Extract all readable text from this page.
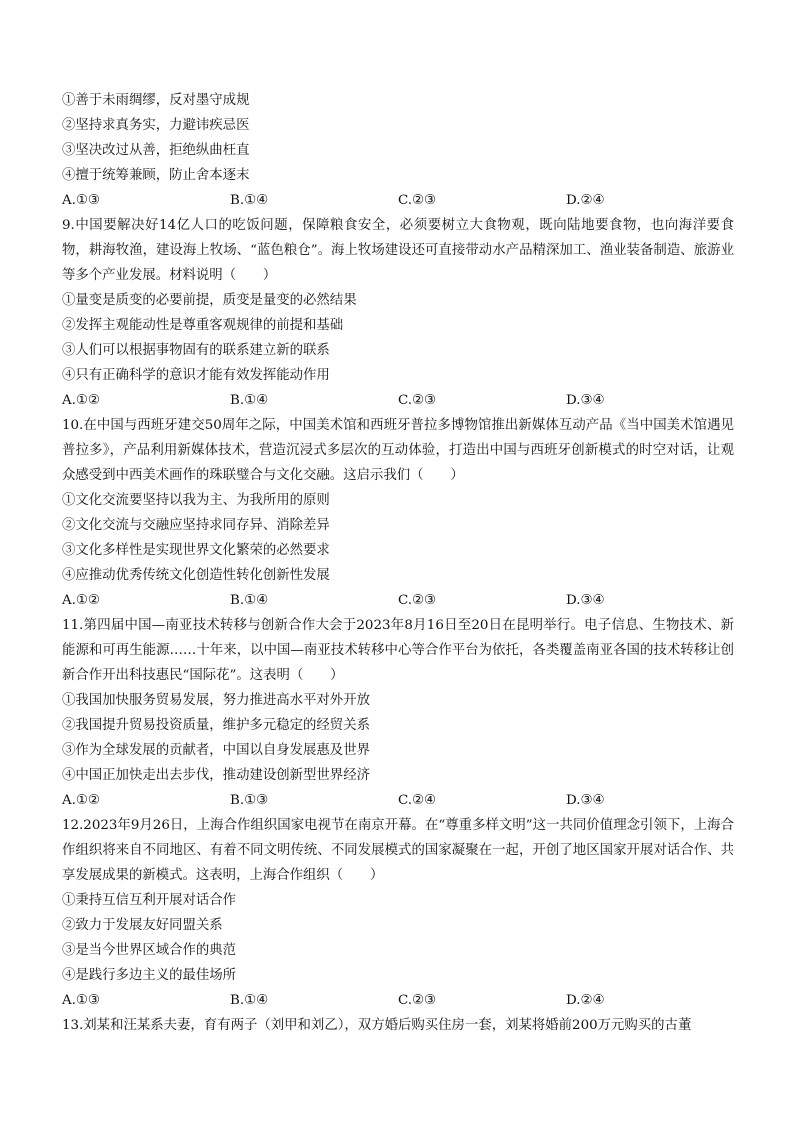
①善于未雨绸缪，反对墨守成规
②坚持求真务实，力避讳疾忌医
③坚决改过从善，拒绝纵曲枉直
④擅于统筹兼顾，防止舍本逐末
A.①③	B.①④	C.②③	D.②④
9.中国要解决好14亿人口的吃饭问题，保障粮食安全，必须要树立大食物观，既向陆地要食物，也向海洋要食物，耕海牧渔，建设海上牧场、“蓝色粮仓”。海上牧场建设还可直接带动水产品精深加工、渔业装备制造、旅游业等多个产业发展。材料说明（　　）
①量变是质变的必要前提，质变是量变的必然结果
②发挥主观能动性是尊重客观规律的前提和基础
③人们可以根据事物固有的联系建立新的联系
④只有正确科学的意识才能有效发挥能动作用
A.①②	B.①④	C.②③	D.③④
10.在中国与西班牙建交50周年之际，中国美术馆和西班牙普拉多博物馆推出新媒体互动产品《当中国美术馆遇见普拉多》，产品利用新媒体技术，营造沉浸式多层次的互动体验，打造出中国与西班牙创新模式的时空对话，让观众感受到中西美术画作的珠联璧合与文化交融。这启示我们（　　）
①文化交流要坚持以我为主、为我所用的原则
②文化交流与交融应坚持求同存异、消除差异
③文化多样性是实现世界文化繁荣的必然要求
④应推动优秀传统文化创造性转化创新性发展
A.①②	B.①④	C.②③	D.③④
11.第四届中国—南亚技术转移与创新合作大会于2023年8月16日至20日在昆明举行。电子信息、生物技术、新能源和可再生能源……十年来，以中国—南亚技术转移中心等合作平台为依托，各类覆盖南亚各国的技术转移让创新合作开出科技惠民“国际花”。这表明（　　）
①我国加快服务贸易发展，努力推进高水平对外开放
②我国提升贸易投资质量，维护多元稳定的经贸关系
③作为全球发展的贡献者，中国以自身发展惠及世界
④中国正加快走出去步伐，推动建设创新型世界经济
A.①②	B.①③	C.②④	D.③④
12.2023年9月26日，上海合作组织国家电视节在南京开幕。在“尊重多样文明”这一共同价值理念引领下，上海合作组织将来自不同地区、有着不同文明传统、不同发展模式的国家凝聚在一起，开创了地区国家开展对话合作、共享发展成果的新模式。这表明，上海合作组织（　　）
①秉持互信互利开展对话合作
②致力于发展友好同盟关系
③是当今世界区域合作的典范
④是践行多边主义的最佳场所
A.①③	B.①④	C.②③	D.②④
13.刘某和汪某系夫妻，育有两子（刘甲和刘乙），双方婚后购买住房一套，刘某将婚前200万元购买的古董
